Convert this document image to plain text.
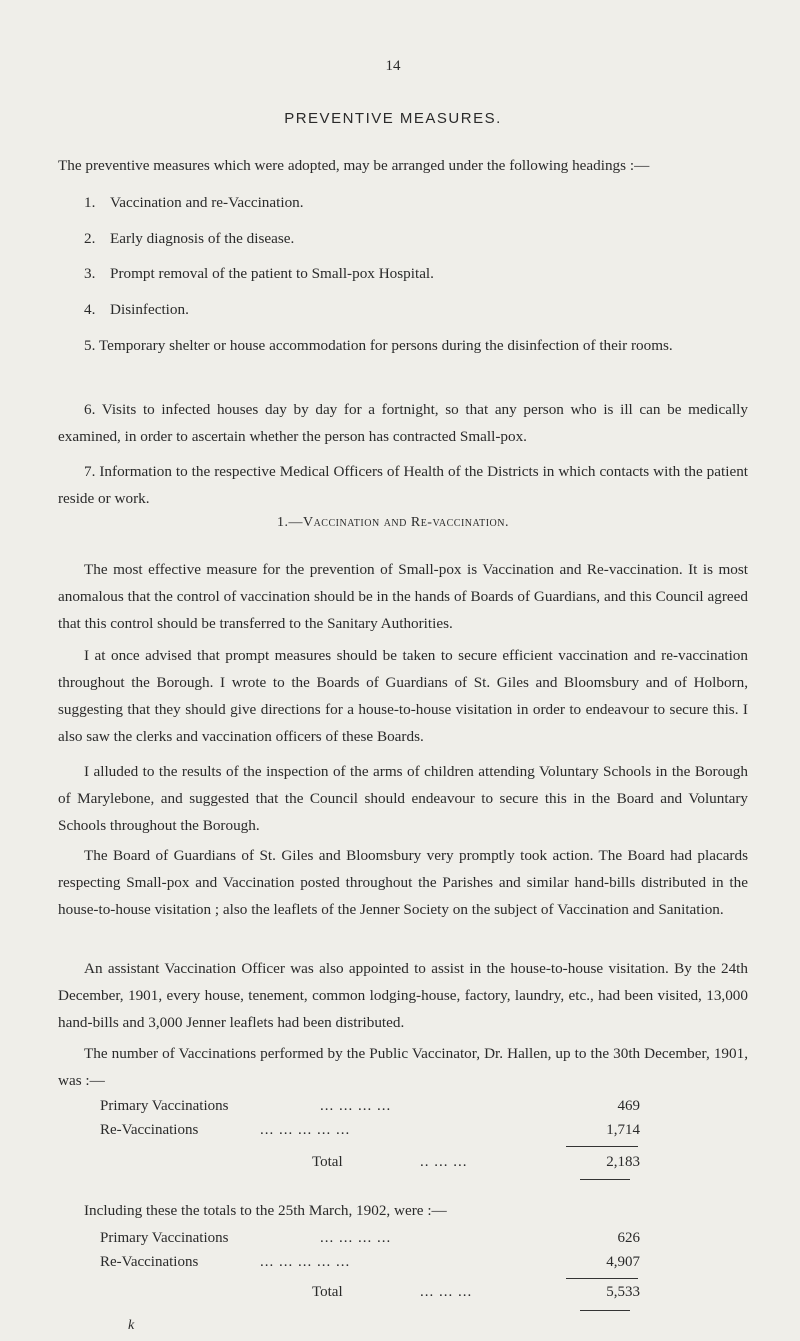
14

PREVENTIVE MEASURES.

The preventive measures which were adopted, may be arranged under the following headings :—

1. Vaccination and re-Vaccination.

2. Early diagnosis of the disease.

3. Prompt removal of the patient to Small-pox Hospital.

4. Disinfection.

5. Temporary shelter or house accommodation for persons during the disinfection of their rooms.

6. Visits to infected houses day by day for a fortnight, so that any person who is ill can be medically examined, in order to ascertain whether the person has contracted Small-pox.

7. Information to the respective Medical Officers of Health of the Districts in which contacts with the patient reside or work.

1.—Vaccination and Re-vaccination.

The most effective measure for the prevention of Small-pox is Vaccination and Re-vaccination. It is most anomalous that the control of vaccination should be in the hands of Boards of Guardians, and this Council agreed that this control should be transferred to the Sanitary Authorities.

I at once advised that prompt measures should be taken to secure efficient vaccination and re-vaccination throughout the Borough. I wrote to the Boards of Guardians of St. Giles and Bloomsbury and of Holborn, suggesting that they should give directions for a house-to-house visitation in order to endeavour to secure this. I also saw the clerks and vaccination officers of these Boards.

I alluded to the results of the inspection of the arms of children attending Voluntary Schools in the Borough of Marylebone, and suggested that the Council should endeavour to secure this in the Board and Voluntary Schools throughout the Borough.

The Board of Guardians of St. Giles and Bloomsbury very promptly took action. The Board had placards respecting Small-pox and Vaccination posted throughout the Parishes and similar hand-bills distributed in the house-to-house visitation ; also the leaflets of the Jenner Society on the subject of Vaccination and Sanitation.

An assistant Vaccination Officer was also appointed to assist in the house-to-house visitation. By the 24th December, 1901, every house, tenement, common lodging-house, factory, laundry, etc., had been visited, 13,000 hand-bills and 3,000 Jenner leaflets had been distributed.

The number of Vaccinations performed by the Public Vaccinator, Dr. Hallen, up to the 30th December, 1901, was :—

Primary Vaccinations	... ... ... ...	469
Re-Vaccinations	... ... ... ... ...	1,714
Total	.. ... ...	2,183

Including these the totals to the 25th March, 1902, were :—

Primary Vaccinations	... ... ... ...	626
Re-Vaccinations	... ... ... ... ...	4,907
Total	... ... ...	5,533

k
